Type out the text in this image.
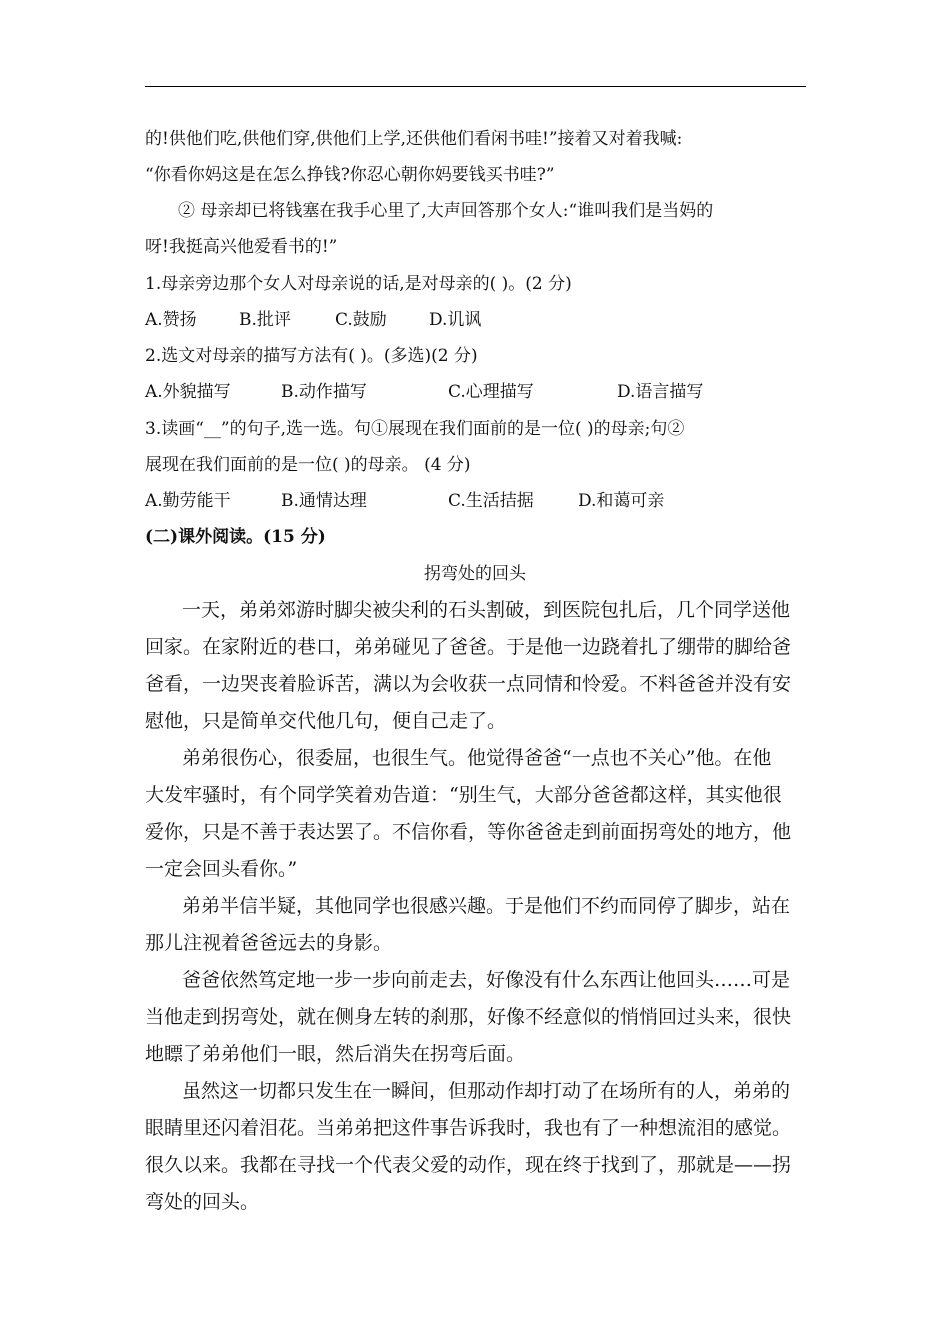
的!供他们吃,供他们穿,供他们上学,还供他们看闲书哇!”接着又对着我喊:
“你看你妈这是在怎么挣钱?你忍心朝你妈要钱买书哇?”
② 母亲却已将钱塞在我手心里了,大声回答那个女人:“谁叫我们是当妈的
呀!我挺高兴他爱看书的!”
1.母亲旁边那个女人对母亲说的话,是对母亲的( )。(2 分)
A.赞扬 B.批评	C.鼓励 D.讥讽
2.选文对母亲的描写方法有( )。(多选)(2 分)
A.外貌描写	B.动作描写	C.心理描写	D.语言描写
3.读画“__”的句子,选一选。句①展现在我们面前的是一位( )的母亲;句②
展现在我们面前的是一位( )的母亲。 (4 分)
A.勤劳能干	B.通情达理	C.生活拮据	D.和蔼可亲
(二)课外阅读。(15 分)
拐弯处的回头
一天，弟弟郊游时脚尖被尖利的石头割破，到医院包扎后，几个同学送他
回家。在家附近的巷口，弟弟碰见了爸爸。于是他一边跷着扎了绷带的脚给爸
爸看，一边哭丧着脸诉苦，满以为会收获一点同情和怜爱。不料爸爸并没有安
慰他，只是简单交代他几句，便自己走了。
弟弟很伤心，很委屈，也很生气。他觉得爸爸“一点也不关心”他。在他
大发牢骚时，有个同学笑着劝告道：“别生气，大部分爸爸都这样，其实他很
爱你，只是不善于表达罢了。不信你看，等你爸爸走到前面拐弯处的地方，他
一定会回头看你。”
弟弟半信半疑，其他同学也很感兴趣。于是他们不约而同停了脚步，站在
那儿注视着爸爸远去的身影。
爸爸依然笃定地一步一步向前走去，好像没有什么东西让他回头……可是
当他走到拐弯处，就在侧身左转的刹那，好像不经意似的悄悄回过头来，很快
地瞟了弟弟他们一眼，然后消失在拐弯后面。
虽然这一切都只发生在一瞬间，但那动作却打动了在场所有的人，弟弟的
眼睛里还闪着泪花。当弟弟把这件事告诉我时，我也有了一种想流泪的感觉。
很久以来。我都在寻找一个代表父爱的动作，现在终于找到了，那就是——拐
弯处的回头。
